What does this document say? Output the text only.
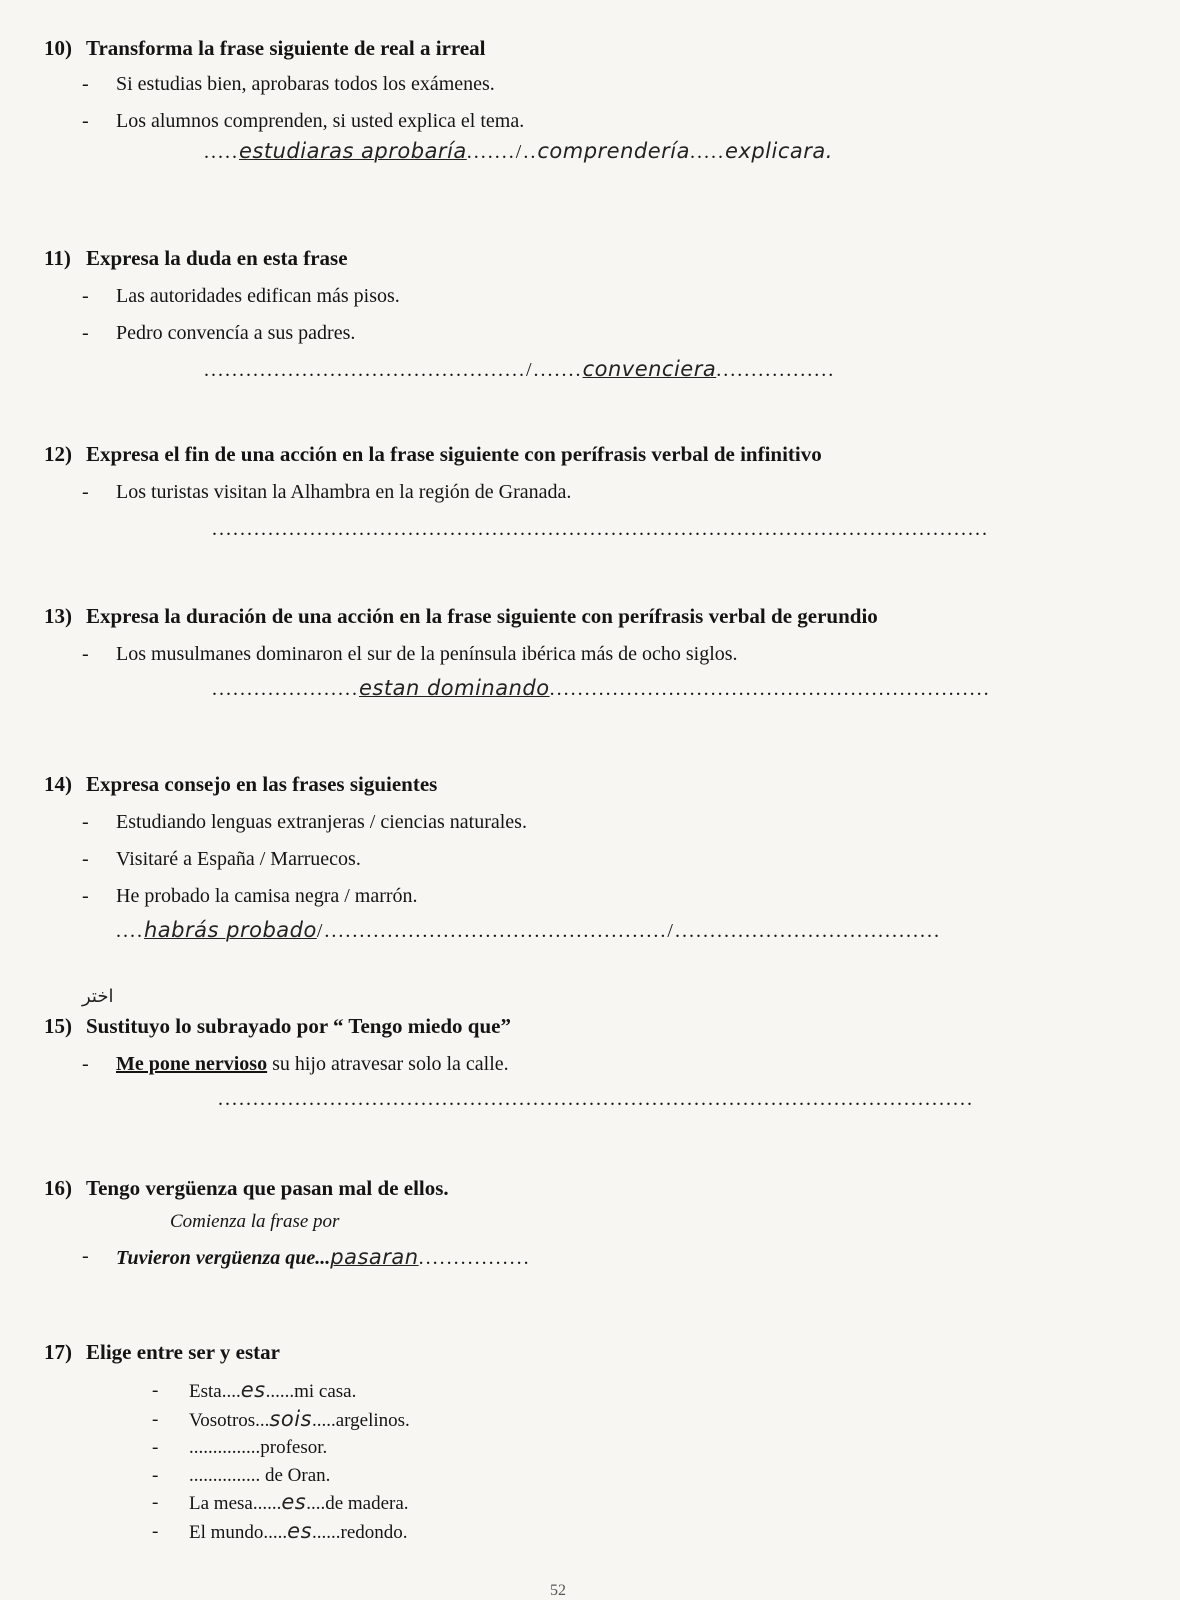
10) Transforma la frase siguiente de real a irreal
- Si estudias bien, aprobaras todos los exámenes.
- Los alumnos comprenden, si usted explica el tema.
.....estudiaras aprobaría......./..comprendería.....explicara.
11) Expresa la duda en esta frase
- Las autoridades edifican más pisos.
- Pedro convencía a sus padres.
............................................../.......convenciera.................
12) Expresa el fin de una acción en la frase siguiente con perífrasis verbal de infinitivo
- Los turistas visitan la Alhambra en la región de Granada.
...............................................................................................................
13) Expresa la duración de una acción en la frase siguiente con perífrasis verbal de gerundio
- Los musulmanes dominaron el sur de la península ibérica más de ocho siglos.
.....................estan dominando...............................................................
14) Expresa consejo en las frases siguientes
- Estudiando lenguas extranjeras / ciencias naturales.
- Visitaré a España / Marruecos.
- He probado la camisa negra / marrón.
....habrás probado/................................................./......................................
اختر
15) Sustituyo lo subrayado por “ Tengo miedo que”
- Me pone nervioso su hijo atravesar solo la calle.
............................................................................................................
16) Tengo vergüenza que pasan mal de ellos.
Comienza la frase por
- Tuvieron vergüenza que...pasaran................
17) Elige entre ser y estar
- Esta....es......mi casa.
- Vosotros...sois.....argelinos.
- ...............profesor.
- ............... de Oran.
- La mesa......es....de madera.
- El mundo.....es......redondo.
52
